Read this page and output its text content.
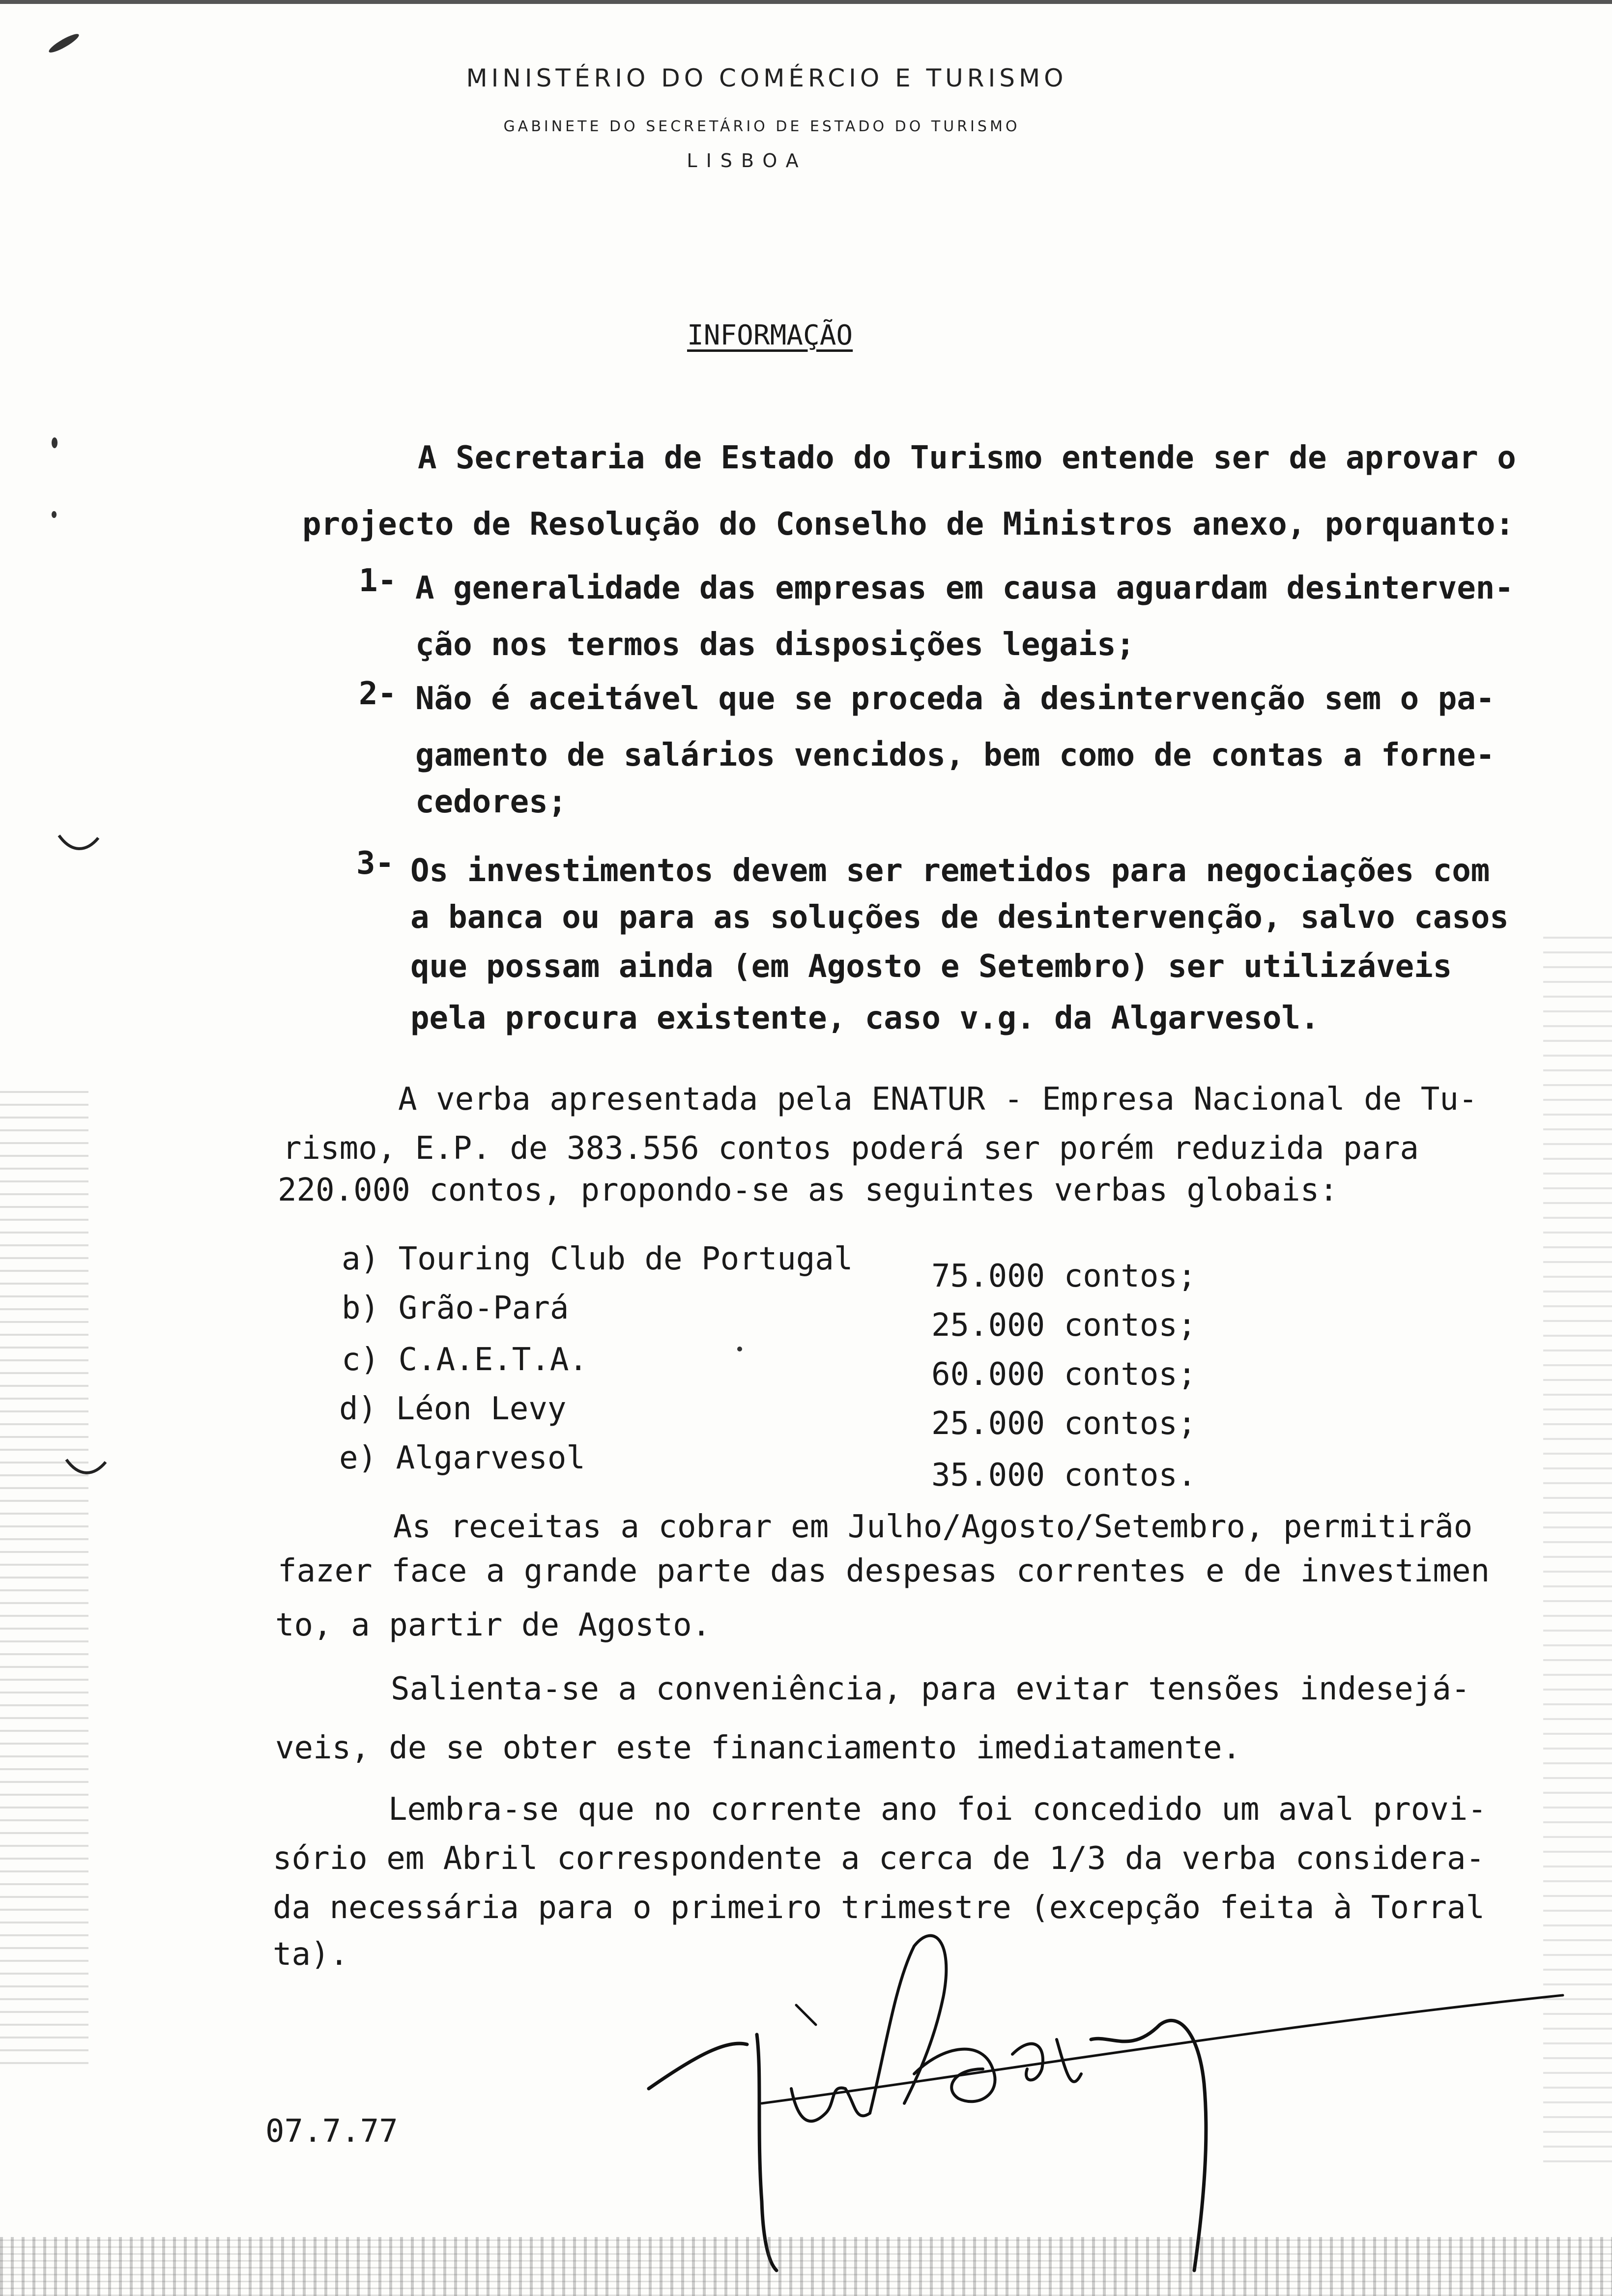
MINISTÉRIO DO COMÉRCIO E TURISMO
GABINETE DO SECRETÁRIO DE ESTADO DO TURISMO
LISBOA
INFORMAÇÃO
A Secretaria de Estado do Turismo entende ser de aprovar o
projecto de Resolução do Conselho de Ministros anexo, porquanto:
1- A generalidade das empresas em causa aguardam desinterven-
ção nos termos das disposições legais;
2- Não é aceitável que se proceda à desintervenção sem o pa-
gamento de salários vencidos, bem como de contas a forne-
cedores;
3- Os investimentos devem ser remetidos para negociações com
a banca ou para as soluções de desintervenção, salvo casos
que possam ainda (em Agosto e Setembro) ser utilizáveis
pela procura existente, caso v.g. da Algarvesol.
A verba apresentada pela ENATUR - Empresa Nacional de Tu-
rismo, E.P. de 383.556 contos poderá ser porém reduzida para
220.000 contos, propondo-se as seguintes verbas globais:
a) Touring Club de Portugal 75.000 contos;
b) Grão-Pará	25.000 contos;
c) C.A.E.T.A.	60.000 contos;
d) Léon Levy	25.000 contos;
e) Algarvesol	35.000 contos.
As receitas a cobrar em Julho/Agosto/Setembro, permitirão
fazer face a grande parte das despesas correntes e de investimen
to, a partir de Agosto.
Salienta-se a conveniência, para evitar tensões indesejá-
veis, de se obter este financiamento imediatamente.
Lembra-se que no corrente ano foi concedido um aval provi-
sório em Abril correspondente a cerca de 1/3 da verba considera-
da necessária para o primeiro trimestre (excepção feita à Torral
ta).
07.7.77
